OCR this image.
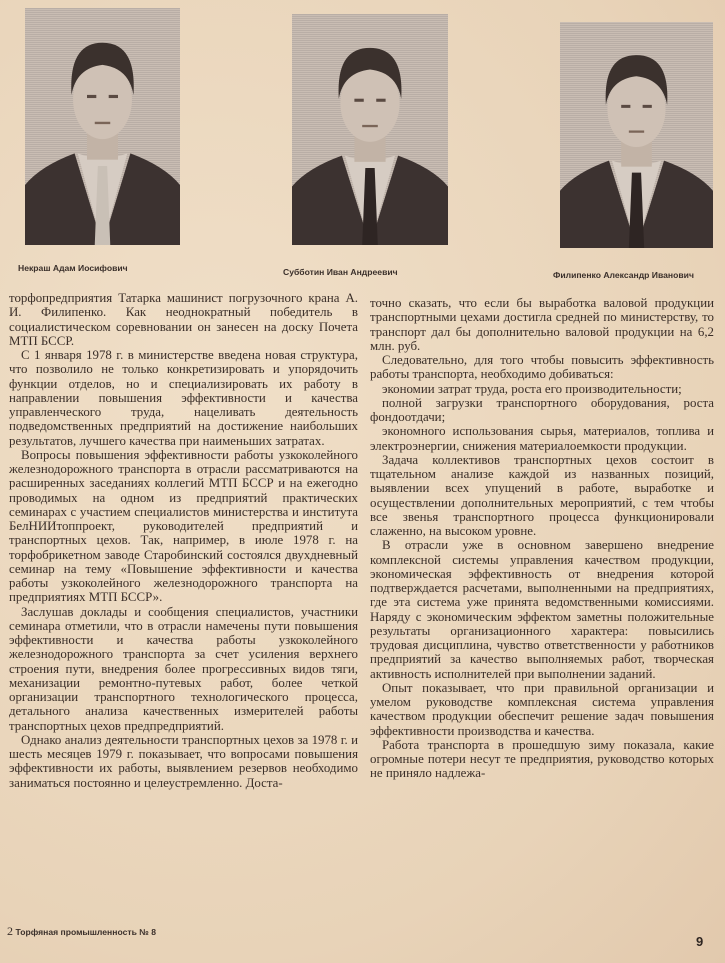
Некраш Адам Иосифович	Субботин Иван Андреевич	Филипенко Александр Иванович

торфопредприятия Татарка машинист погрузочного крана А. И. Филипенко. Как неоднократный победитель в социалистическом соревновании он занесен на доску Почета МТП БССР.

С 1 января 1978 г. в министерстве введена новая структура, что позволило не только конкретизировать и упорядочить функции отделов, но и специализировать их работу в направлении повышения эффективности и качества управленческого труда, нацеливать деятельность подведомственных предприятий на достижение наибольших результатов, лучшего качества при наименьших затратах.

Вопросы повышения эффективности работы узкоколейного железнодорожного транспорта в отрасли рассматриваются на расширенных заседаниях коллегий МТП БССР и на ежегодно проводимых на одном из предприятий практических семинарах с участием специалистов министерства и института БелНИИтоппроект, руководителей предприятий и транспортных цехов. Так, например, в июле 1978 г. на торфобрикетном заводе Старобинский состоялся двухдневный семинар на тему «Повышение эффективности и качества работы узкоколейного железнодорожного транспорта на предприятиях МТП БССР».

Заслушав доклады и сообщения специалистов, участники семинара отметили, что в отрасли намечены пути повышения эффективности и качества работы узкоколейного железнодорожного транспорта за счет усиления верхнего строения пути, внедрения более прогрессивных видов тяги, механизации ремонтно-путевых работ, более четкой организации транспортного технологического процесса, детального анализа качественных измерителей работы транспортных цехов предпредприятий.

Однако анализ деятельности транспортных цехов за 1978 г. и шесть месяцев 1979 г. показывает, что вопросами повышения эффективности их работы, выявлением резервов необходимо заниматься постоянно и целеустремленно. Доста-

точно сказать, что если бы выработка валовой продукции транспортными цехами достигла средней по министерству, то транспорт дал бы дополнительно валовой продукции на 6,2 млн. руб.

Следовательно, для того чтобы повысить эффективность работы транспорта, необходимо добиваться:

экономии затрат труда, роста его производительности;

полной загрузки транспортного оборудования, роста фондоотдачи;

экономного использования сырья, материалов, топлива и электроэнергии, снижения материалоемкости продукции.

Задача коллективов транспортных цехов состоит в тщательном анализе каждой из названных позиций, выявлении всех упущений в работе, выработке и осуществлении дополнительных мероприятий, с тем чтобы все звенья транспортного процесса функционировали слаженно, на высоком уровне.

В отрасли уже в основном завершено внедрение комплексной системы управления качеством продукции, экономическая эффективность от внедрения которой подтверждается расчетами, выполненными на предприятиях, где эта система уже принята ведомственными комиссиями. Наряду с экономическим эффектом заметны положительные результаты организационного характера: повысились трудовая дисциплина, чувство ответственности у работников предприятий за качество выполняемых работ, творческая активность исполнителей при выполнении заданий.

Опыт показывает, что при правильной организации и умелом руководстве комплексная система управления качеством продукции обеспечит решение задач повышения эффективности производства и качества.

Работа транспорта в прошедшую зиму показала, какие огромные потери несут те предприятия, руководство которых не приняло надлежа-

2 Торфяная промышленность № 8
9
